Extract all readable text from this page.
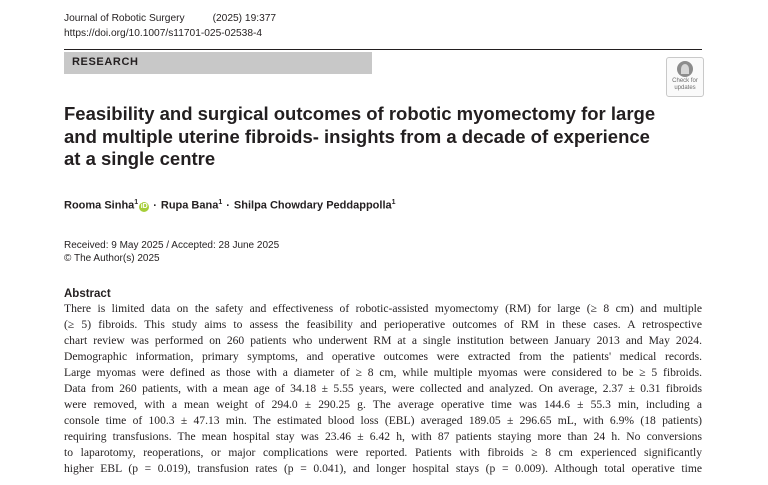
Journal of Robotic Surgery	(2025) 19:377
https://doi.org/10.1007/s11701-025-02538-4
RESEARCH
Check for
updates
Feasibility and surgical outcomes of robotic myomectomy for large and multiple uterine fibroids- insights from a decade of experience at a single centre
Rooma Sinha$^1$iD · Rupa Bana$^1$ · Shilpa Chowdary Peddappolla$^1$
Received: 9 May 2025 / Accepted: 28 June 2025
© The Author(s) 2025
Abstract
There is limited data on the safety and effectiveness of robotic-assisted myomectomy (RM) for large (≥ 8 cm) and multiple
(≥ 5) fibroids. This study aims to assess the feasibility and perioperative outcomes of RM in these cases. A retrospective
chart review was performed on 260 patients who underwent RM at a single institution between January 2013 and May 2024.
Demographic information, primary symptoms, and operative outcomes were extracted from the patients' medical records.
Large myomas were defined as those with a diameter of ≥ 8 cm, while multiple myomas were considered to be ≥ 5 fibroids.
Data from 260 patients, with a mean age of 34.18 ± 5.55 years, were collected and analyzed. On average, 2.37 ± 0.31 fibroids
were removed, with a mean weight of 294.0 ± 290.25 g. The average operative time was 144.6 ± 55.3 min, including a
console time of 100.3 ± 47.13 min. The estimated blood loss (EBL) averaged 189.05 ± 296.65 mL, with 6.9% (18 patients)
requiring transfusions. The mean hospital stay was 23.46 ± 6.42 h, with 87 patients staying more than 24 h. No conversions
to laparotomy, reoperations, or major complications were reported. Patients with fibroids ≥ 8 cm experienced significantly
higher EBL (p = 0.019), transfusion rates (p = 0.041), and longer hospital stays (p = 0.009). Although total operative time
